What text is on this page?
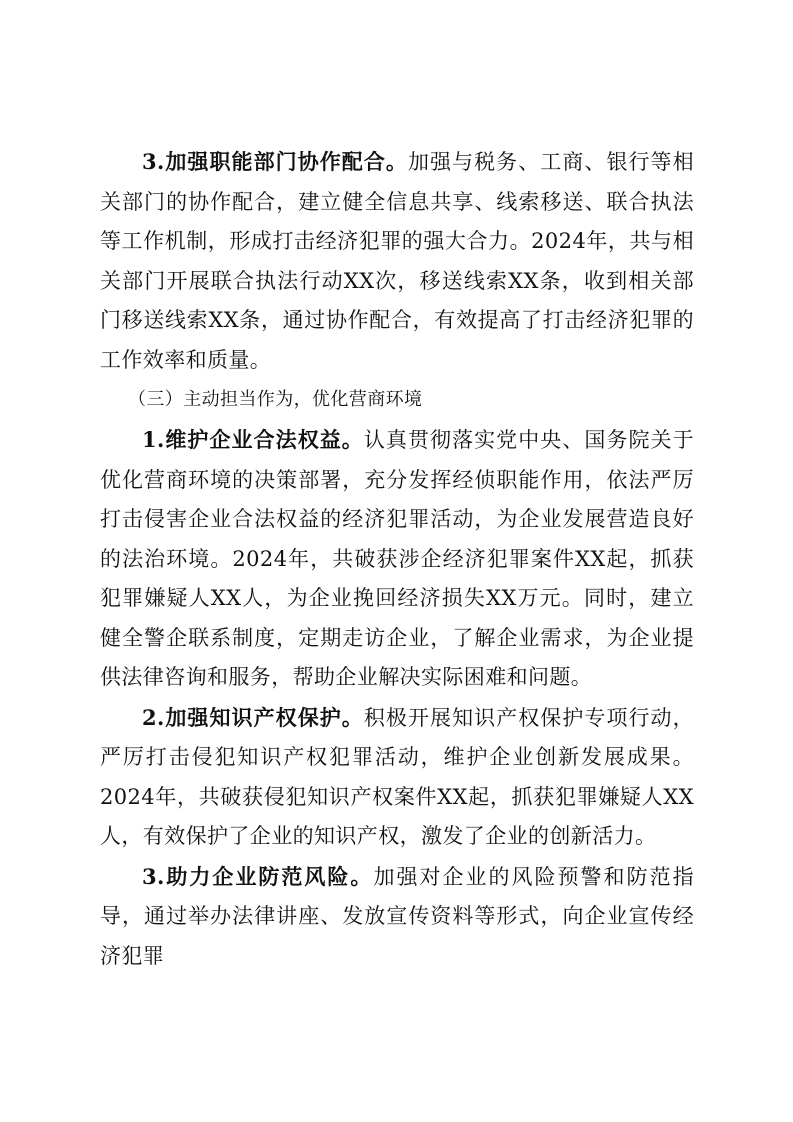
3.加强职能部门协作配合。加强与税务、工商、银行等相关部门的协作配合，建立健全信息共享、线索移送、联合执法等工作机制，形成打击经济犯罪的强大合力。2024年，共与相关部门开展联合执法行动XX次，移送线索XX条，收到相关部门移送线索XX条，通过协作配合，有效提高了打击经济犯罪的工作效率和质量。

（三）主动担当作为，优化营商环境

1.维护企业合法权益。认真贯彻落实党中央、国务院关于优化营商环境的决策部署，充分发挥经侦职能作用，依法严厉打击侵害企业合法权益的经济犯罪活动，为企业发展营造良好的法治环境。2024年，共破获涉企经济犯罪案件XX起，抓获犯罪嫌疑人XX人，为企业挽回经济损失XX万元。同时，建立健全警企联系制度，定期走访企业，了解企业需求，为企业提供法律咨询和服务，帮助企业解决实际困难和问题。

2.加强知识产权保护。积极开展知识产权保护专项行动，严厉打击侵犯知识产权犯罪活动，维护企业创新发展成果。2024年，共破获侵犯知识产权案件XX起，抓获犯罪嫌疑人XX人，有效保护了企业的知识产权，激发了企业的创新活力。

3.助力企业防范风险。加强对企业的风险预警和防范指导，通过举办法律讲座、发放宣传资料等形式，向企业宣传经济犯罪
